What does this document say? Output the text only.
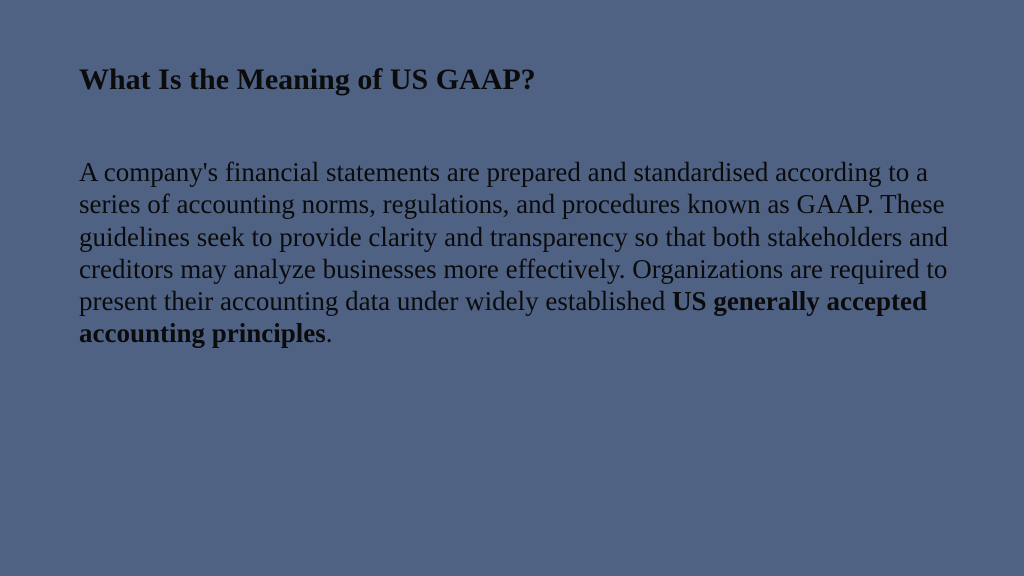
What Is the Meaning of US GAAP?

A company's financial statements are prepared and standardised according to a series of accounting norms, regulations, and procedures known as GAAP. These guidelines seek to provide clarity and transparency so that both stakeholders and creditors may analyze businesses more effectively. Organizations are required to present their accounting data under widely established US generally accepted accounting principles.
